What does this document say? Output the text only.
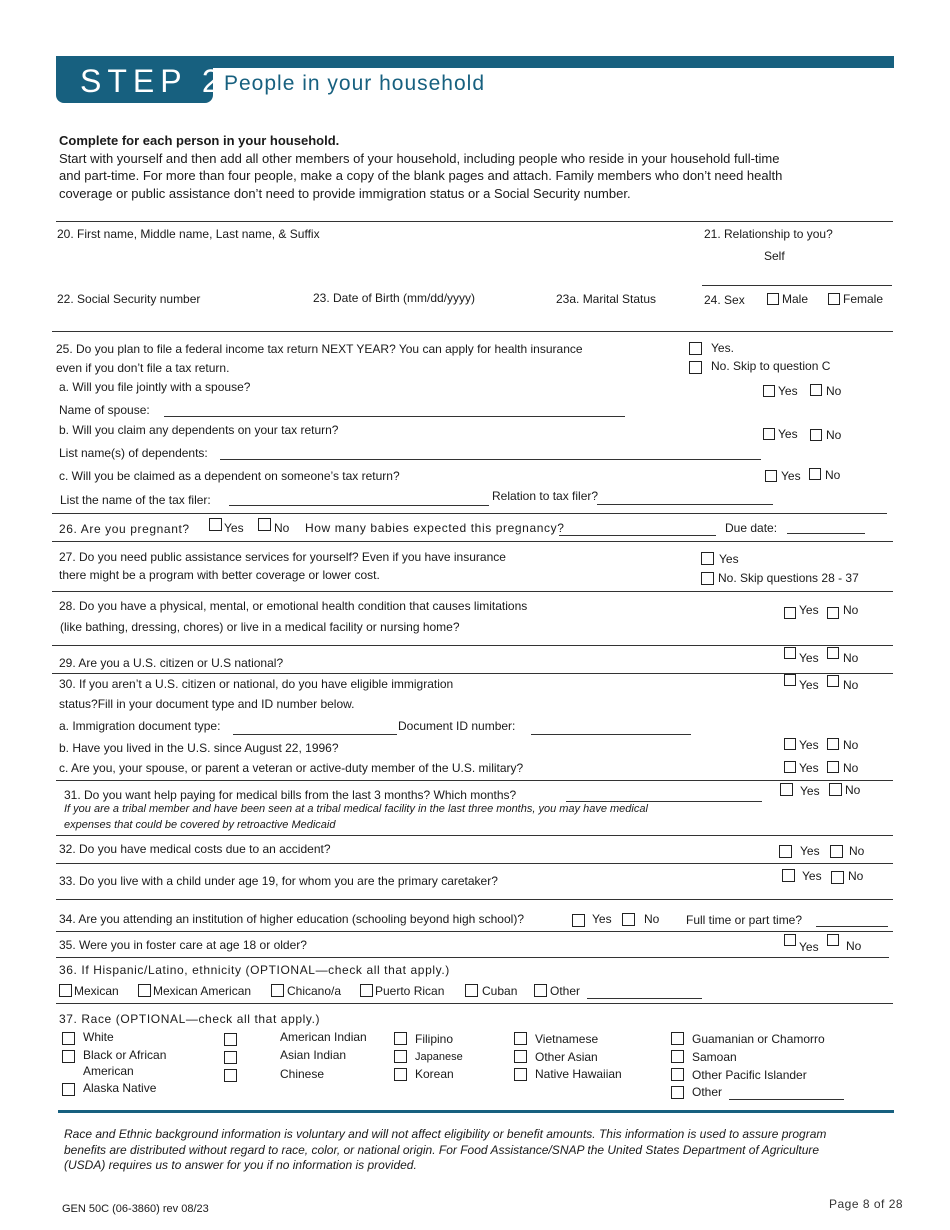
STEP 2
People in your household
Complete for each person in your household.
Start with yourself and then add all other members of your household, including people who reside in your household full-time
and part-time. For more than four people, make a copy of the blank pages and attach. Family members who don’t need health
coverage or public assistance don’t need to provide immigration status or a Social Security number.
20. First name, Middle name, Last name, & Suffix	21. Relationship to you?
Self
22. Social Security number	23. Date of Birth (mm/dd/yyyy)	23a. Marital Status	24. Sex	Male	Female
25. Do you plan to file a federal income tax return NEXT YEAR? You can apply for health insurance
even if you don’t file a tax return.
Yes.
No. Skip to question C
a. Will you file jointly with a spouse?	Yes No
Name of spouse:
b. Will you claim any dependents on your tax return?	Yes No
List name(s) of dependents:
c. Will you be claimed as a dependent on someone’s tax return?	Yes No
List the name of the tax filer:	Relation to tax filer?
26. Are you pregnant?	Yes	No How many babies expected this pregnancy?	Due date:
27. Do you need public assistance services for yourself? Even if you have insurance
there might be a program with better coverage or lower cost.
Yes
No. Skip questions 28 - 37
28. Do you have a physical, mental, or emotional health condition that causes limitations
(like bathing, dressing, chores) or live in a medical facility or nursing home?
Yes No
29. Are you a U.S. citizen or U.S national?	Yes No
30. If you aren’t a U.S. citizen or national, do you have eligible immigration
status?Fill in your document type and ID number below.
Yes No
a. Immigration document type:	Document ID number:
b. Have you lived in the U.S. since August 22, 1996?	Yes No
c. Are you, your spouse, or parent a veteran or active-duty member of the U.S. military?	Yes No
31. Do you want help paying for medical bills from the last 3 months? Which months?
If you are a tribal member and have been seen at a tribal medical facility in the last three months, you may have medical
expenses that could be covered by retroactive Medicaid
Yes No
32. Do you have medical costs due to an accident?	Yes No
33. Do you live with a child under age 19, for whom you are the primary caretaker?	Yes No
34. Are you attending an institution of higher education (schooling beyond high school)?	Yes	No Full time or part time?
35. Were you in foster care at age 18 or older?	Yes No
36. If Hispanic/Latino, ethnicity (OPTIONAL—check all that apply.)
Mexican	Mexican American	Chicano/a	Puerto Rican	Cuban	Other
37. Race (OPTIONAL—check all that apply.)
White
Black or African
American
Alaska Native
American Indian
Asian Indian
Chinese
Filipino
Japanese
Korean
Vietnamese
Other Asian
Native Hawaiian
Guamanian or Chamorro
Samoan
Other Pacific Islander
Other
Race and Ethnic background information is voluntary and will not affect eligibility or benefit amounts. This information is used to assure program
benefits are distributed without regard to race, color, or national origin. For Food Assistance/SNAP the United States Department of Agriculture
(USDA) requires us to answer for you if no information is provided.
GEN 50C (06-3860) rev 08/23	Page 8 of 28
